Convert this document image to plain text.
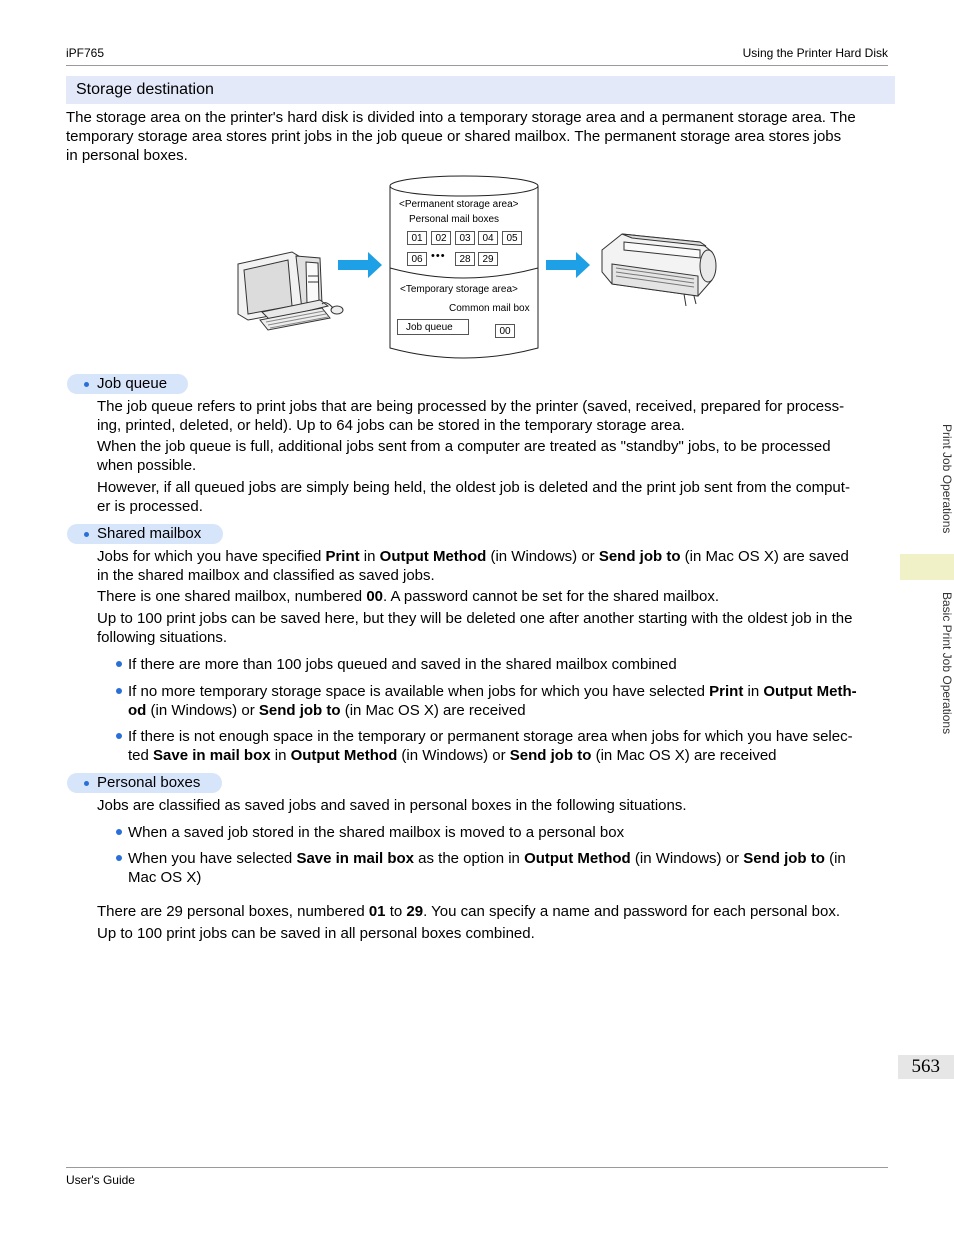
iPF765	Using the Printer Hard Disk
Storage destination
The storage area on the printer's hard disk is divided into a temporary storage area and a permanent storage area. The
temporary storage area stores print jobs in the job queue or shared mailbox. The permanent storage area stores jobs
in personal boxes.
<Permanent storage area>
Personal mail boxes
01	02	03	04	05
06 •••	28	29
<Temporary storage area>
Common mail box
Job queue	00
Job queue
The job queue refers to print jobs that are being processed by the printer (saved, received, prepared for process-
ing, printed, deleted, or held). Up to 64 jobs can be stored in the temporary storage area.
When the job queue is full, additional jobs sent from a computer are treated as "standby" jobs, to be processed
when possible.
However, if all queued jobs are simply being held, the oldest job is deleted and the print job sent from the comput-
er is processed.
Shared mailbox
Jobs for which you have specified Print in Output Method (in Windows) or Send job to (in Mac OS X) are saved
in the shared mailbox and classified as saved jobs.
There is one shared mailbox, numbered 00. A password cannot be set for the shared mailbox.
Up to 100 print jobs can be saved here, but they will be deleted one after another starting with the oldest job in the
following situations.
If there are more than 100 jobs queued and saved in the shared mailbox combined
If no more temporary storage space is available when jobs for which you have selected Print in Output Meth-
od (in Windows) or Send job to (in Mac OS X) are received
If there is not enough space in the temporary or permanent storage area when jobs for which you have selec-
ted Save in mail box in Output Method (in Windows) or Send job to (in Mac OS X) are received
Personal boxes
Jobs are classified as saved jobs and saved in personal boxes in the following situations.
When a saved job stored in the shared mailbox is moved to a personal box
When you have selected Save in mail box as the option in Output Method (in Windows) or Send job to (in
Mac OS X)
There are 29 personal boxes, numbered 01 to 29. You can specify a name and password for each personal box.
Up to 100 print jobs can be saved in all personal boxes combined.
Print Job Operations
Basic Print Job Operations
563
User's Guide
